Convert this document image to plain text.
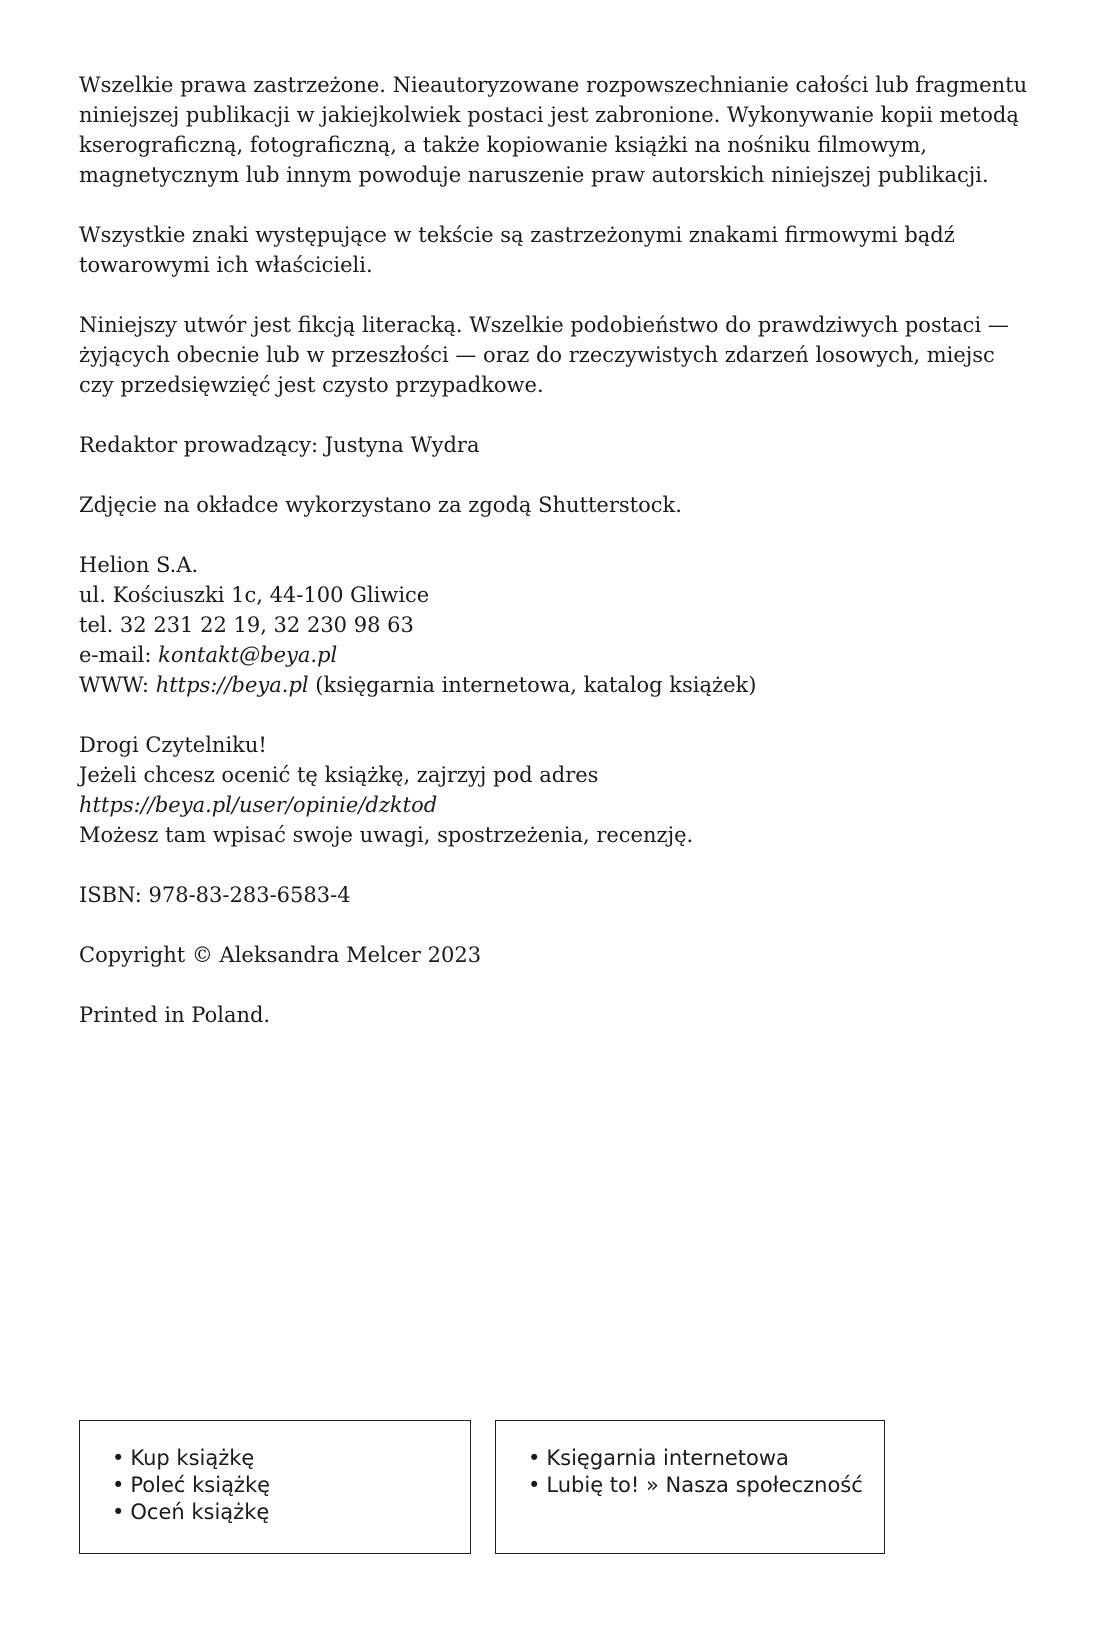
Wszelkie prawa zastrzeżone. Nieautoryzowane rozpowszechnianie całości lub fragmentu
niniejszej publikacji w jakiejkolwiek postaci jest zabronione. Wykonywanie kopii metodą
kserograficzną, fotograficzną, a także kopiowanie książki na nośniku filmowym,
magnetycznym lub innym powoduje naruszenie praw autorskich niniejszej publikacji.

Wszystkie znaki występujące w tekście są zastrzeżonymi znakami firmowymi bądź
towarowymi ich właścicieli.

Niniejszy utwór jest fikcją literacką. Wszelkie podobieństwo do prawdziwych postaci —
żyjących obecnie lub w przeszłości — oraz do rzeczywistych zdarzeń losowych, miejsc
czy przedsięwzięć jest czysto przypadkowe.

Redaktor prowadzący: Justyna Wydra

Zdjęcie na okładce wykorzystano za zgodą Shutterstock.

Helion S.A.
ul. Kościuszki 1c, 44-100 Gliwice
tel. 32 231 22 19, 32 230 98 63
e-mail: kontakt@beya.pl
WWW: https://beya.pl (księgarnia internetowa, katalog książek)

Drogi Czytelniku!
Jeżeli chcesz ocenić tę książkę, zajrzyj pod adres
https://beya.pl/user/opinie/dzktod
Możesz tam wpisać swoje uwagi, spostrzeżenia, recenzję.

ISBN: 978-83-283-6583-4

Copyright © Aleksandra Melcer 2023

Printed in Poland.

• Kup książkę
• Poleć książkę
• Oceń książkę
• Księgarnia internetowa
• Lubię to! » Nasza społeczność
